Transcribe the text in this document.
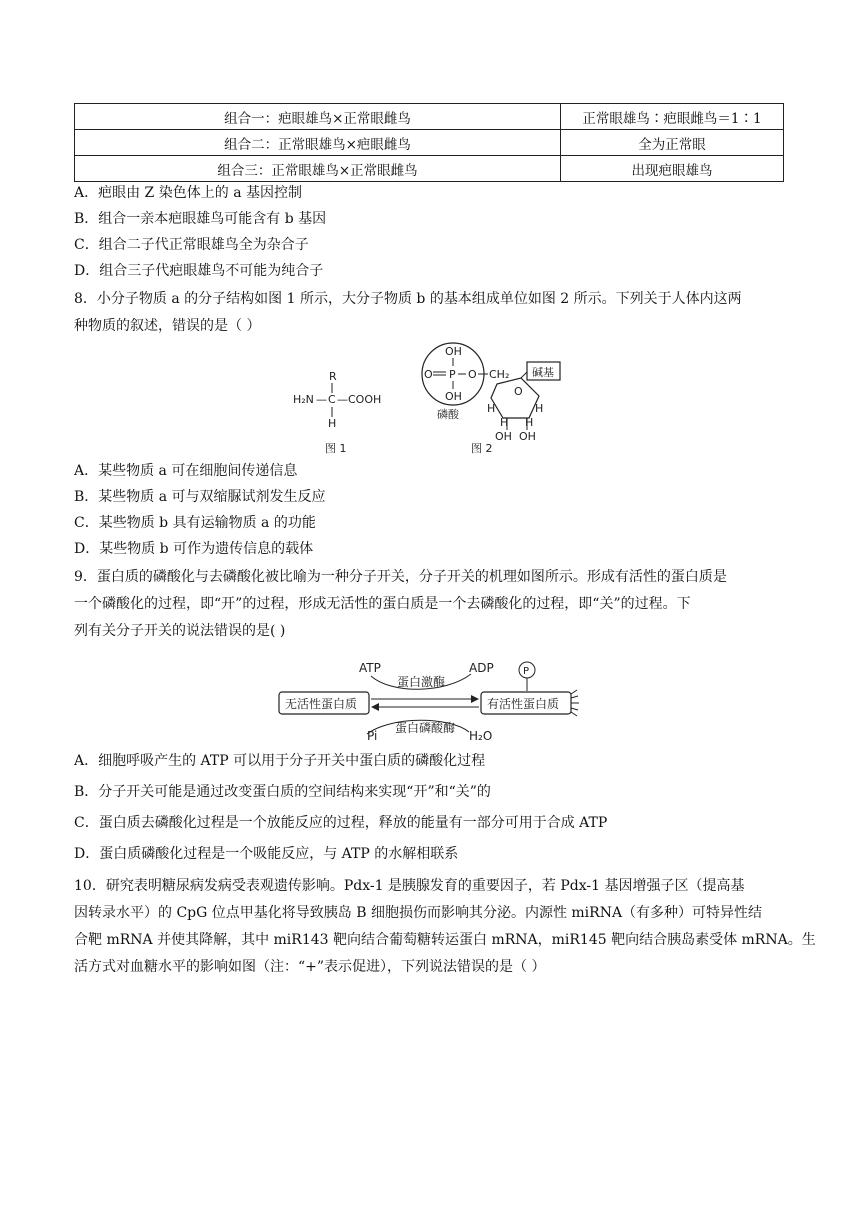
组合一：疤眼雄鸟×正常眼雌鸟	正常眼雄鸟∶疤眼雌鸟＝1∶1
组合二：正常眼雄鸟×疤眼雌鸟	全为正常眼
组合三：正常眼雄鸟×正常眼雌鸟	出现疤眼雄鸟
A．疤眼由 Z 染色体上的 a 基因控制
B．组合一亲本疤眼雄鸟可能含有 b 基因
C．组合二子代正常眼雄鸟全为杂合子
D．组合三子代疤眼雄鸟不可能为纯合子
8．小分子物质 a 的分子结构如图 1 所示，大分子物质 b 的基本组成单位如图 2 所示。下列关于人体内这两
种物质的叙述，错误的是（ ）
R
H₂N — C —COOH
H
图 1
OH
O P O
OH
磷酸
CH₂
O
碱基
H
H H
H
OH OH
图 2
A．某些物质 a 可在细胞间传递信息
B．某些物质 a 可与双缩脲试剂发生反应
C．某些物质 b 具有运输物质 a 的功能
D．某些物质 b 可作为遗传信息的载体
9．蛋白质的磷酸化与去磷酸化被比喻为一种分子开关，分子开关的机理如图所示。形成有活性的蛋白质是
一个磷酸化的过程，即“开”的过程，形成无活性的蛋白质是一个去磷酸化的过程，即“关”的过程。下
列有关分子开关的说法错误的是( )
ATP	ADP
蛋白激酶
P
无活性蛋白质	有活性蛋白质
蛋白磷酸酶
Pi	H₂O
A．细胞呼吸产生的 ATP 可以用于分子开关中蛋白质的磷酸化过程
B．分子开关可能是通过改变蛋白质的空间结构来实现“开”和“关”的
C．蛋白质去磷酸化过程是一个放能反应的过程，释放的能量有一部分可用于合成 ATP
D．蛋白质磷酸化过程是一个吸能反应，与 ATP 的水解相联系
10．研究表明糖尿病发病受表观遗传影响。Pdx-1 是胰腺发育的重要因子，若 Pdx-1 基因增强子区（提高基
因转录水平）的 CpG 位点甲基化将导致胰岛 B 细胞损伤而影响其分泌。内源性 miRNA（有多种）可特异性结
合靶 mRNA 并使其降解，其中 miR143 靶向结合葡萄糖转运蛋白 mRNA，miR145 靶向结合胰岛素受体 mRNA。生
活方式对血糖水平的影响如图（注：“+”表示促进），下列说法错误的是（ ）
